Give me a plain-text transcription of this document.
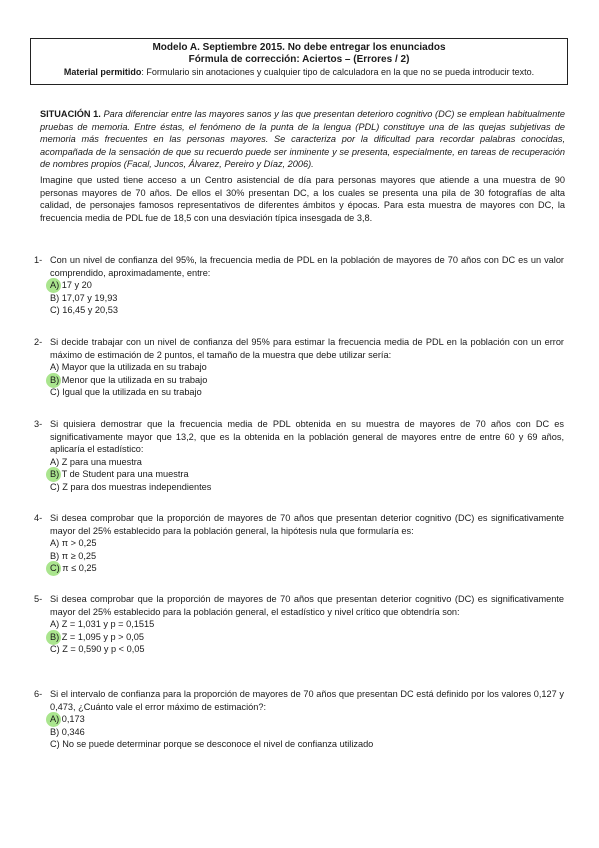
Modelo A. Septiembre 2015. No debe entregar los enunciados
Fórmula de corrección: Aciertos – (Errores / 2)
Material permitido: Formulario sin anotaciones y cualquier tipo de calculadora en la que no se pueda introducir texto.
SITUACIÓN 1. Para diferenciar entre las mayores sanos y las que presentan deterioro cognitivo (DC) se emplean habitualmente pruebas de memoria. Entre éstas, el fenómeno de la punta de la lengua (PDL) constituye una de las quejas subjetivas de memoria más frecuentes en las personas mayores. Se caracteriza por la dificultad para recordar palabras conocidas, acompañada de la sensación de que su recuerdo puede ser inminente y se presenta, especialmente, en tareas de recuperación de nombres propios (Facal, Juncos, Álvarez, Pereiro y Díaz, 2006).
Imagine que usted tiene acceso a un Centro asistencial de día para personas mayores que atiende a una muestra de 90 personas mayores de 70 años. De ellos el 30% presentan DC, a los cuales se presenta una pila de 30 fotografías de alta calidad, de personajes famosos representativos de diferentes ámbitos y épocas. Para esta muestra de mayores con DC, la frecuencia media de PDL fue de 18,5 con una desviación típica insesgada de 3,8.
1- Con un nivel de confianza del 95%, la frecuencia media de PDL en la población de mayores de 70 años con DC es un valor comprendido, aproximadamente, entre:
A) 17 y 20
B) 17,07 y 19,93
C) 16,45 y 20,53
2- Si decide trabajar con un nivel de confianza del 95% para estimar la frecuencia media de PDL en la población con un error máximo de estimación de 2 puntos, el tamaño de la muestra que debe utilizar sería:
A) Mayor que la utilizada en su trabajo
B) Menor que la utilizada en su trabajo
C) Igual que la utilizada en su trabajo
3- Si quisiera demostrar que la frecuencia media de PDL obtenida en su muestra de mayores de 70 años con DC es significativamente mayor que 13,2, que es la obtenida en la población general de mayores entre de entre 60 y 69 años, aplicaría el estadístico:
A) Z para una muestra
B) T de Student para una muestra
C) Z para dos muestras independientes
4- Si desea comprobar que la proporción de mayores de 70 años que presentan deterior cognitivo (DC) es significativamente mayor del 25% establecido para la población general, la hipótesis nula que formularía es:
A) π > 0,25
B) π ≥ 0,25
C) π ≤ 0,25
5- Si desea comprobar que la proporción de mayores de 70 años que presentan deterior cognitivo (DC) es significativamente mayor del 25% establecido para la población general, el estadístico y nivel crítico que obtendría son:
A) Z = 1,031 y p = 0,1515
B) Z = 1,095 y p > 0,05
C) Z = 0,590 y p < 0,05
6- Si el intervalo de confianza para la proporción de mayores de 70 años que presentan DC está definido por los valores 0,127 y 0,473, ¿Cuánto vale el error máximo de estimación?:
A) 0,173
B) 0,346
C) No se puede determinar porque se desconoce el nivel de confianza utilizado
